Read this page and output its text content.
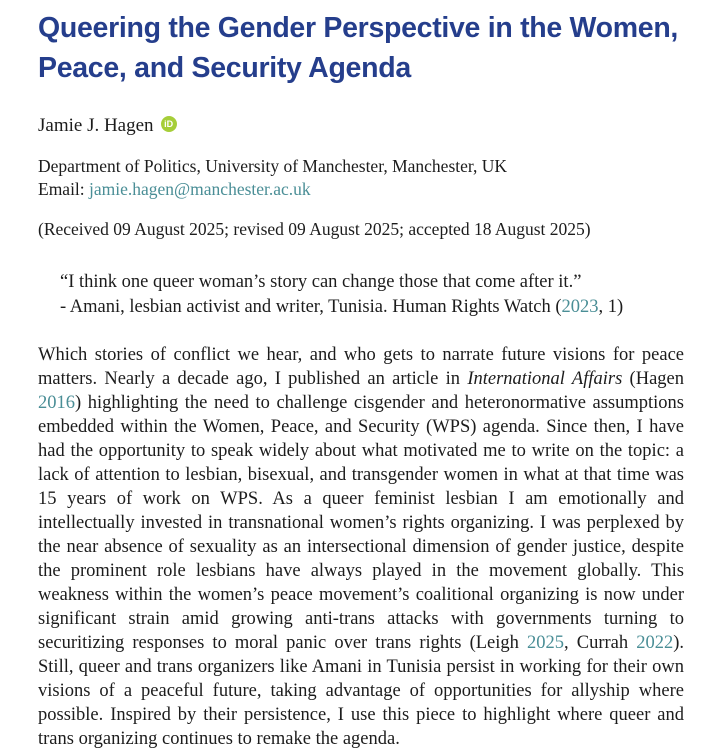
Queering the Gender Perspective in the Women,
Peace, and Security Agenda
Jamie J. Hagen	iD
Department of Politics, University of Manchester, Manchester, UK
Email: jamie.hagen@manchester.ac.uk
(Received 09 August 2025; revised 09 August 2025; accepted 18 August 2025)
“I think one queer woman’s story can change those that come after it.”
- Amani, lesbian activist and writer, Tunisia. Human Rights Watch (2023, 1)
Which stories of conflict we hear, and who gets to narrate future visions for peace matters. Nearly a decade ago, I published an article in International Affairs (Hagen 2016) highlighting the need to challenge cisgender and heteronormative assumptions embedded within the Women, Peace, and Security (WPS) agenda. Since then, I have had the opportunity to speak widely about what motivated me to write on the topic: a lack of attention to lesbian, bisexual, and transgender women in what at that time was 15 years of work on WPS. As a queer feminist lesbian I am emotionally and intellectually invested in transnational women’s rights organizing. I was perplexed by the near absence of sexuality as an intersectional dimension of gender justice, despite the prominent role lesbians have always played in the movement globally. This weakness within the women’s peace movement’s coalitional organizing is now under significant strain amid growing anti-trans attacks with governments turning to securitizing responses to moral panic over trans rights (Leigh 2025, Currah 2022). Still, queer and trans organizers like Amani in Tunisia persist in working for their own visions of a peaceful future, taking advantage of opportunities for allyship where possible. Inspired by their persistence, I use this piece to highlight where queer and trans organizing continues to remake the agenda.
